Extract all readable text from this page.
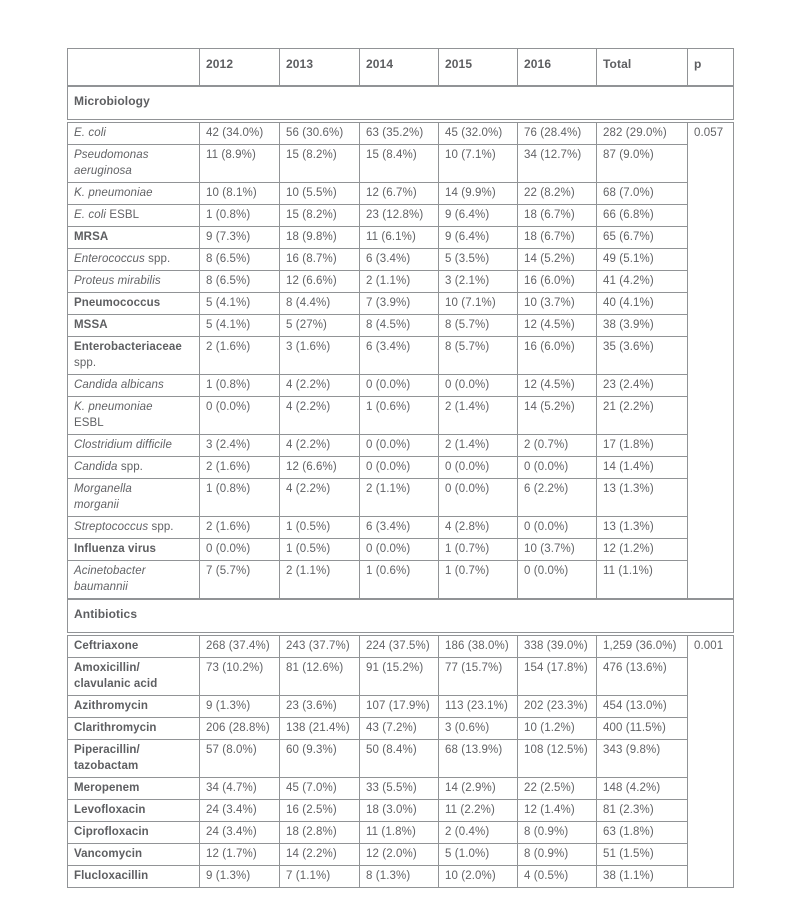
	2012	2013	2014	2015	2016	Total	p
Microbiology
E. coli	42 (34.0%)	56 (30.6%)	63 (35.2%)	45 (32.0%)	76 (28.4%)	282 (29.0%)	0.057

Pseudomonas
aeruginosa	11 (8.9%)	15 (8.2%)	15 (8.4%)	10 (7.1%)	34 (12.7%)	87 (9.0%)	

K. pneumoniae	10 (8.1%)	10 (5.5%)	12 (6.7%)	14 (9.9%)	22 (8.2%)	68 (7.0%)	

E. coli ESBL	1 (0.8%)	15 (8.2%)	23 (12.8%)	9 (6.4%)	18 (6.7%)	66 (6.8%)	

MRSA	9 (7.3%)	18 (9.8%)	11 (6.1%)	9 (6.4%)	18 (6.7%)	65 (6.7%)	

Enterococcus spp.	8 (6.5%)	16 (8.7%)	6 (3.4%)	5 (3.5%)	14 (5.2%)	49 (5.1%)	

Proteus mirabilis	8 (6.5%)	12 (6.6%)	2 (1.1%)	3 (2.1%)	16 (6.0%)	41 (4.2%)	

Pneumococcus	5 (4.1%)	8 (4.4%)	7 (3.9%)	10 (7.1%)	10 (3.7%)	40 (4.1%)	

MSSA	5 (4.1%)	5 (27%)	8 (4.5%)	8 (5.7%)	12 (4.5%)	38 (3.9%)	

Enterobacteriaceae
spp.	2 (1.6%)	3 (1.6%)	6 (3.4%)	8 (5.7%)	16 (6.0%)	35 (3.6%)	

Candida albicans	1 (0.8%)	4 (2.2%)	0 (0.0%)	0 (0.0%)	12 (4.5%)	23 (2.4%)	

K. pneumoniae
ESBL	0 (0.0%)	4 (2.2%)	1 (0.6%)	2 (1.4%)	14 (5.2%)	21 (2.2%)	

Clostridium difficile	3 (2.4%)	4 (2.2%)	0 (0.0%)	2 (1.4%)	2 (0.7%)	17 (1.8%)	

Candida spp.	2 (1.6%)	12 (6.6%)	0 (0.0%)	0 (0.0%)	0 (0.0%)	14 (1.4%)	

Morganella
morganii	1 (0.8%)	4 (2.2%)	2 (1.1%)	0 (0.0%)	6 (2.2%)	13 (1.3%)	

Streptococcus spp.	2 (1.6%)	1 (0.5%)	6 (3.4%)	4 (2.8%)	0 (0.0%)	13 (1.3%)	

Influenza virus	0 (0.0%)	1 (0.5%)	0 (0.0%)	1 (0.7%)	10 (3.7%)	12 (1.2%)	

Acinetobacter
baumannii	7 (5.7%)	2 (1.1%)	1 (0.6%)	1 (0.7%)	0 (0.0%)	11 (1.1%)	
Antibiotics
Ceftriaxone	268 (37.4%)	243 (37.7%)	224 (37.5%)	186 (38.0%)	338 (39.0%)	1,259 (36.0%)	0.001

Amoxicillin/
clavulanic acid	73 (10.2%)	81 (12.6%)	91 (15.2%)	77 (15.7%)	154 (17.8%)	476 (13.6%)	

Azithromycin	9 (1.3%)	23 (3.6%)	107 (17.9%)	113 (23.1%)	202 (23.3%)	454 (13.0%)	

Clarithromycin	206 (28.8%)	138 (21.4%)	43 (7.2%)	3 (0.6%)	10 (1.2%)	400 (11.5%)	

Piperacillin/
tazobactam	57 (8.0%)	60 (9.3%)	50 (8.4%)	68 (13.9%)	108 (12.5%)	343 (9.8%)	

Meropenem	34 (4.7%)	45 (7.0%)	33 (5.5%)	14 (2.9%)	22 (2.5%)	148 (4.2%)	

Levofloxacin	24 (3.4%)	16 (2.5%)	18 (3.0%)	11 (2.2%)	12 (1.4%)	81 (2.3%)	

Ciprofloxacin	24 (3.4%)	18 (2.8%)	11 (1.8%)	2 (0.4%)	8 (0.9%)	63 (1.8%)	

Vancomycin	12 (1.7%)	14 (2.2%)	12 (2.0%)	5 (1.0%)	8 (0.9%)	51 (1.5%)	

Flucloxacillin	9 (1.3%)	7 (1.1%)	8 (1.3%)	10 (2.0%)	4 (0.5%)	38 (1.1%)	
